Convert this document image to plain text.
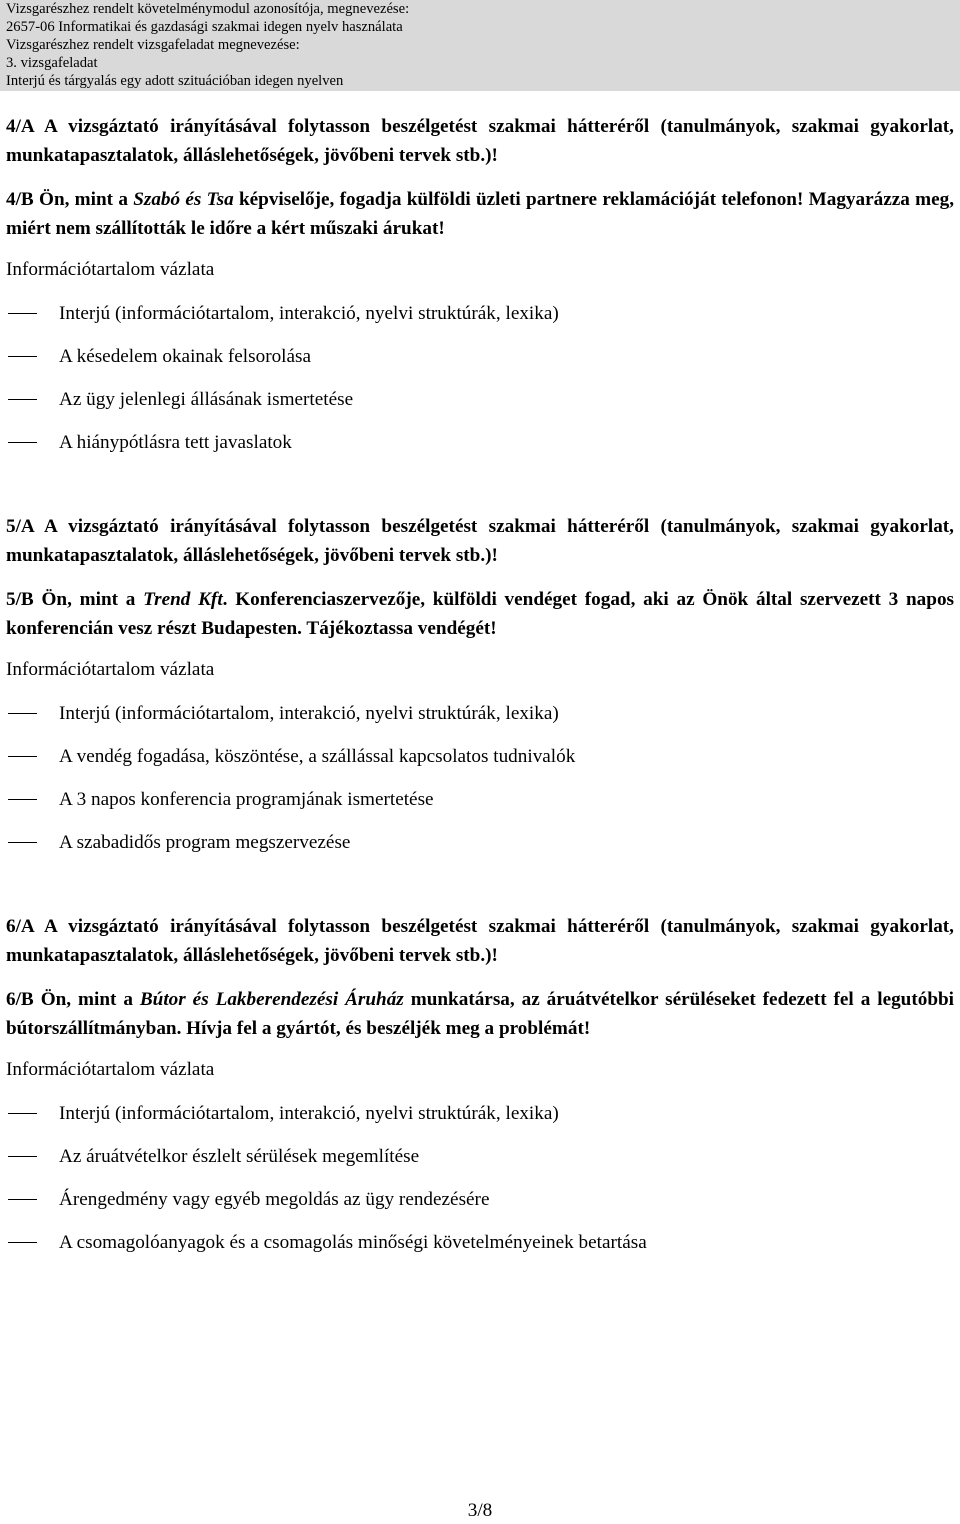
Vizsgarészhez rendelt követelménymodul azonosítója, megnevezése:
2657-06 Informatikai és gazdasági szakmai idegen nyelv használata
Vizsgarészhez rendelt vizsgafeladat megnevezése:
3. vizsgafeladat
Interjú és tárgyalás egy adott szituációban idegen nyelven

4/A A vizsgáztató irányításával folytasson beszélgetést szakmai hátteréről (tanulmányok, szakmai gyakorlat, munkatapasztalatok, álláslehetőségek, jövőbeni tervek stb.)!

4/B Ön, mint a Szabó és Tsa képviselője, fogadja külföldi üzleti partnere reklamációját telefonon! Magyarázza meg, miért nem szállították le időre a kért műszaki árukat!

Információtartalom vázlata
Interjú (információtartalom, interakció, nyelvi struktúrák, lexika)
A késedelem okainak felsorolása
Az ügy jelenlegi állásának ismertetése
A hiánypótlásra tett javaslatok

5/A A vizsgáztató irányításával folytasson beszélgetést szakmai hátteréről (tanulmányok, szakmai gyakorlat, munkatapasztalatok, álláslehetőségek, jövőbeni tervek stb.)!

5/B Ön, mint a Trend Kft. Konferenciaszervezője, külföldi vendéget fogad, aki az Önök által szervezett 3 napos konferencián vesz részt Budapesten. Tájékoztassa vendégét!

Információtartalom vázlata
Interjú (információtartalom, interakció, nyelvi struktúrák, lexika)
A vendég fogadása, köszöntése, a szállással kapcsolatos tudnivalók
A 3 napos konferencia programjának ismertetése
A szabadidős program megszervezése

6/A A vizsgáztató irányításával folytasson beszélgetést szakmai hátteréről (tanulmányok, szakmai gyakorlat, munkatapasztalatok, álláslehetőségek, jövőbeni tervek stb.)!

6/B Ön, mint a Bútor és Lakberendezési Áruház munkatársa, az áruátvételkor sérüléseket fedezett fel a legutóbbi bútorszállítmányban. Hívja fel a gyártót, és beszéljék meg a problémát!

Információtartalom vázlata
Interjú (információtartalom, interakció, nyelvi struktúrák, lexika)
Az áruátvételkor észlelt sérülések megemlítése
Árengedmény vagy egyéb megoldás az ügy rendezésére
A csomagolóanyagok és a csomagolás minőségi követelményeinek betartása
3/8
